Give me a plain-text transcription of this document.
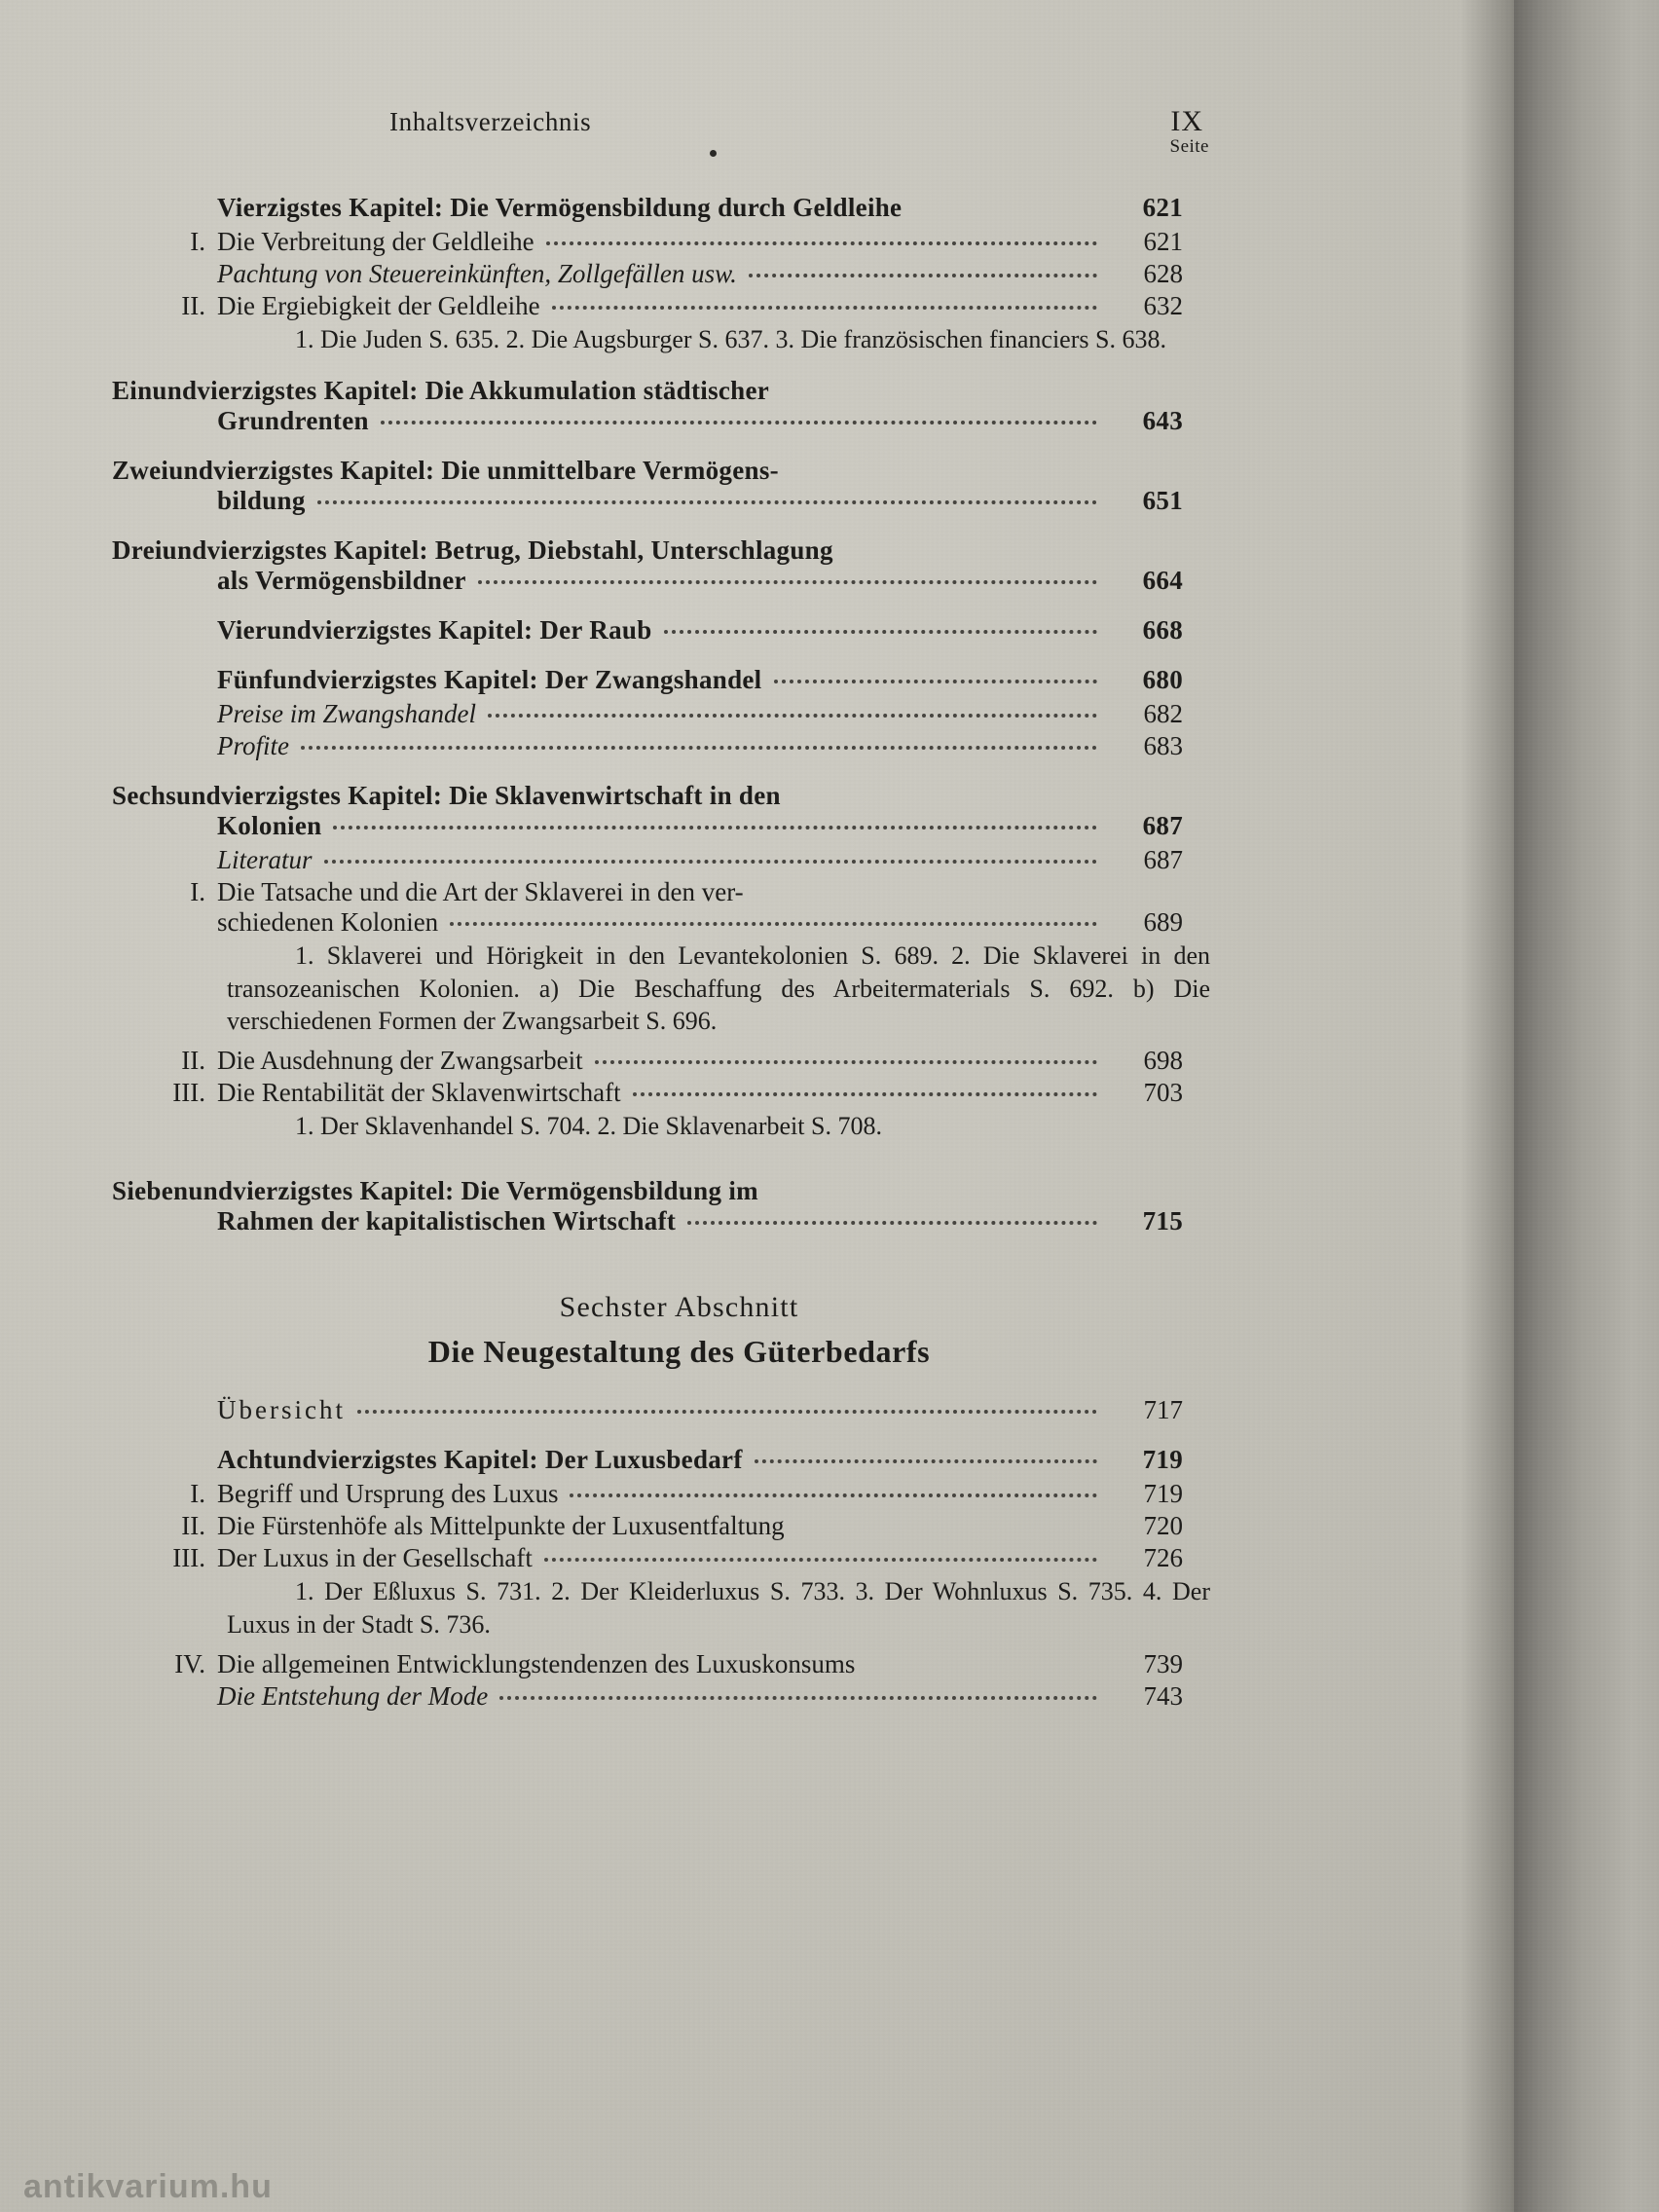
Inhaltsverzeichnis	IX
Seite
Vierzigstes Kapitel: Die Vermögensbildung durch Geldleihe	621
I. Die Verbreitung der Geldleihe	621
Pachtung von Steuereinkünften, Zollgefällen usw.	628
II. Die Ergiebigkeit der Geldleihe	632
1. Die Juden S. 635. 2. Die Augsburger S. 637. 3. Die französischen financiers S. 638.
Einundvierzigstes Kapitel: Die Akkumulation städtischer
Grundrenten	643
Zweiundvierzigstes Kapitel: Die unmittelbare Vermögens-
bildung	651
Dreiundvierzigstes Kapitel: Betrug, Diebstahl, Unterschlagung
als Vermögensbildner	664
Vierundvierzigstes Kapitel: Der Raub	668
Fünfundvierzigstes Kapitel: Der Zwangshandel	680
Preise im Zwangshandel	682
Profite	683
Sechsundvierzigstes Kapitel: Die Sklavenwirtschaft in den
Kolonien	687
Literatur	687
I. Die Tatsache und die Art der Sklaverei in den ver-
schiedenen Kolonien	689
1. Sklaverei und Hörigkeit in den Levantekolonien S. 689. 2. Die Sklaverei in den transozeanischen Kolonien. a) Die Beschaffung des Arbeitermaterials S. 692. b) Die verschiedenen Formen der Zwangsarbeit S. 696.
II. Die Ausdehnung der Zwangsarbeit	698
III. Die Rentabilität der Sklavenwirtschaft	703
1. Der Sklavenhandel S. 704. 2. Die Sklavenarbeit S. 708.
Siebenundvierzigstes Kapitel: Die Vermögensbildung im
Rahmen der kapitalistischen Wirtschaft	715
Sechster Abschnitt
Die Neugestaltung des Güterbedarfs
Übersicht	717
Achtundvierzigstes Kapitel: Der Luxusbedarf	719
I. Begriff und Ursprung des Luxus	719
II. Die Fürstenhöfe als Mittelpunkte der Luxusentfaltung	720
III. Der Luxus in der Gesellschaft	726
1. Der Eßluxus S. 731. 2. Der Kleiderluxus S. 733. 3. Der Wohnluxus S. 735. 4. Der Luxus in der Stadt S. 736.
IV. Die allgemeinen Entwicklungstendenzen des Luxuskonsums	739
Die Entstehung der Mode	743
antikvarium.hu
